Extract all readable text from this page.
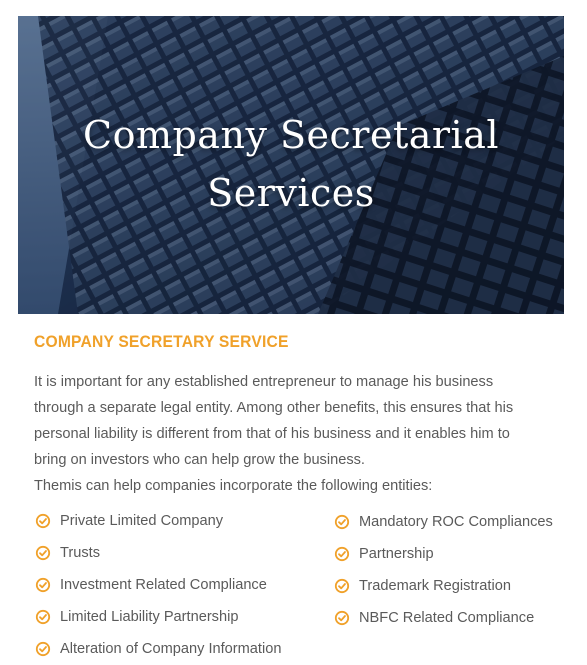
Company Secretarial
Services
COMPANY SECRETARY SERVICE

It is important for any established entrepreneur to manage his business

through a separate legal entity. Among other benefits, this ensures that his

personal liability is different from that of his business and it enables him to

bring on investors who can help grow the business.

Themis can help companies incorporate the following entities:
Private Limited Company
Trusts
Investment Related Compliance
Limited Liability Partnership
Alteration of Company Information
Mandatory ROC Compliances
Partnership
Trademark Registration
NBFC Related Compliance
